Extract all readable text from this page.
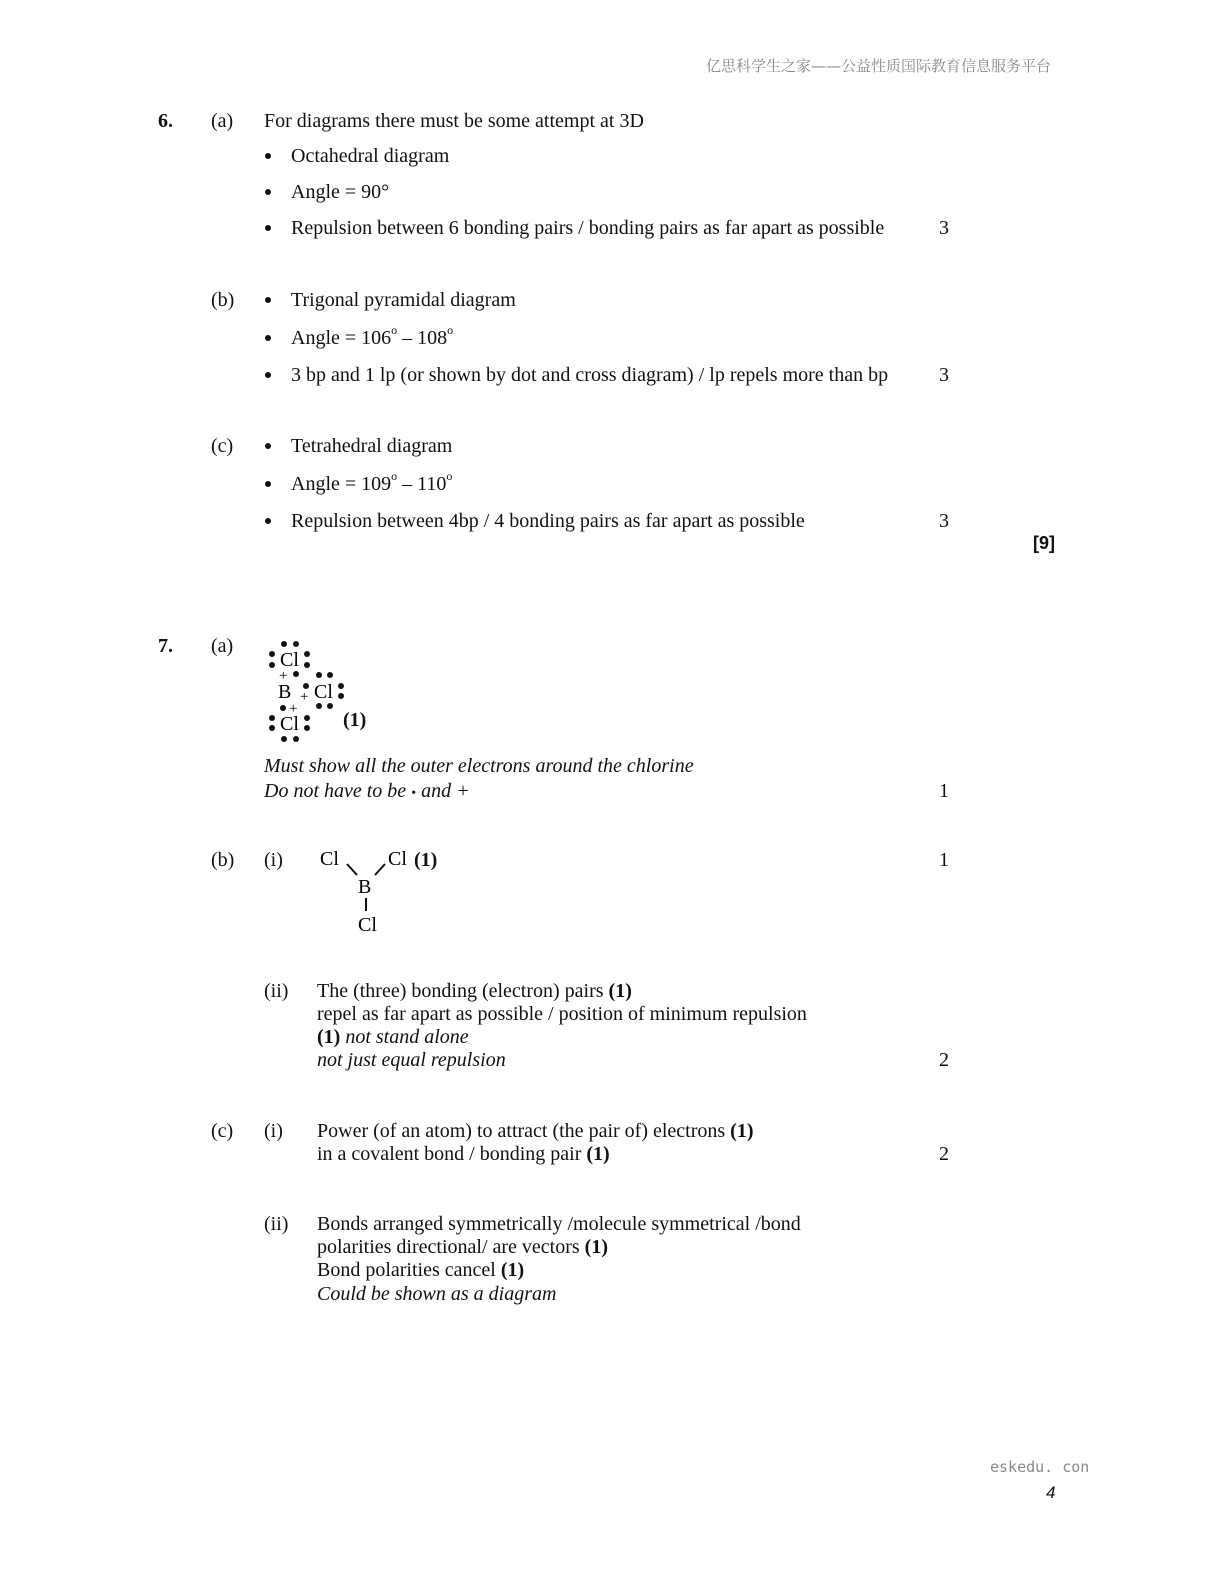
亿思科学生之家——公益性质国际教育信息服务平台
6. (a) For diagrams there must be some attempt at 3D
Octahedral diagram
Angle = 90°
Repulsion between 6 bonding pairs / bonding pairs as far apart as possible	3
(b)	Trigonal pyramidal diagram
Angle = $106^o - 108^o$
3 bp and 1 lp (or shown by dot and cross diagram) / lp repels more than bp	3
(c)	Tetrahedral diagram
Angle = $109^o - 110^o$
Repulsion between 4bp / 4 bonding pairs as far apart as possible	3
[9]
7. (a)
Cl
+
B Cl
+
Cl
+ (1)
Must show all the outer electrons around the chlorine
Do not have to be • and +	1
(b) (i) Cl Cl
B
Cl
(1)	1
(ii) The (three) bonding (electron) pairs (1)
repel as far apart as possible / position of minimum repulsion
(1) not stand alone
not just equal repulsion	2
(c) (i) Power (of an atom) to attract (the pair of) electrons (1)
in a covalent bond / bonding pair (1)	2
(ii) Bonds arranged symmetrically /molecule symmetrical /bond
polarities directional/ are vectors (1)
Bond polarities cancel (1)
Could be shown as a diagram
eskedu. con
4
